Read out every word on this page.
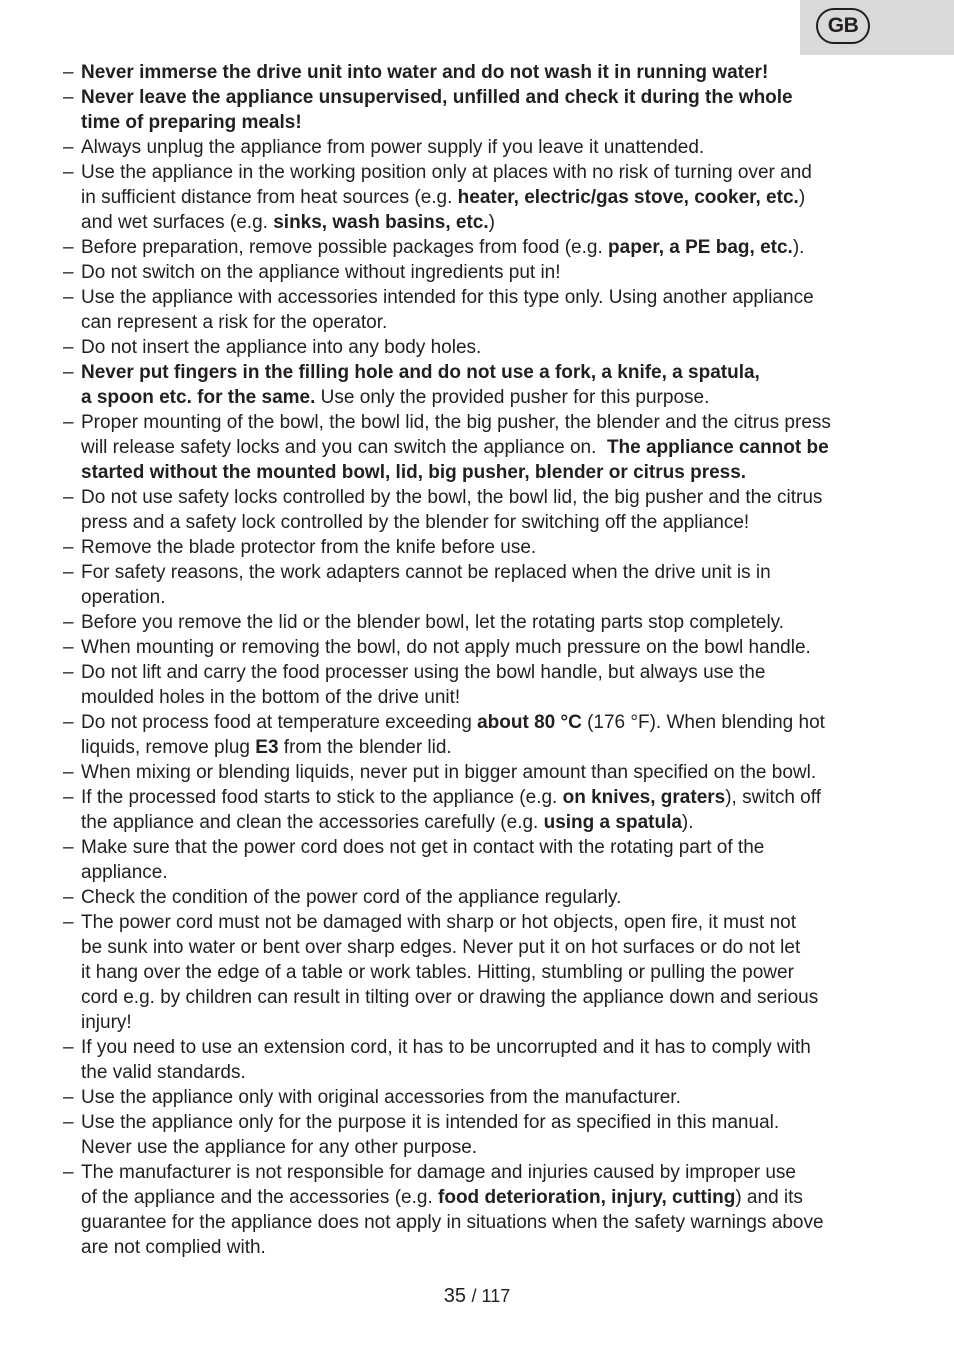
GB
– Never immerse the drive unit into water and do not wash it in running water!
– Never leave the appliance unsupervised, unfilled and check it during the whole
time of preparing meals!
– Always unplug the appliance from power supply if you leave it unattended.
– Use the appliance in the working position only at places with no risk of turning over and
in sufficient distance from heat sources (e.g. heater, electric/gas stove, cooker, etc.)
and wet surfaces (e.g. sinks, wash basins, etc.)
– Before preparation, remove possible packages from food (e.g. paper, a PE bag, etc.).
– Do not switch on the appliance without ingredients put in!
– Use the appliance with accessories intended for this type only. Using another appliance
can represent a risk for the operator.
– Do not insert the appliance into any body holes.
– Never put fingers in the filling hole and do not use a fork, a knife, a spatula,
a spoon etc. for the same. Use only the provided pusher for this purpose.
– Proper mounting of the bowl, the bowl lid, the big pusher, the blender and the citrus press
will release safety locks and you can switch the appliance on.  The appliance cannot be
started without the mounted bowl, lid, big pusher, blender or citrus press.
– Do not use safety locks controlled by the bowl, the bowl lid, the big pusher and the citrus
press and a safety lock controlled by the blender for switching off the appliance!
– Remove the blade protector from the knife before use.
– For safety reasons, the work adapters cannot be replaced when the drive unit is in
operation.
– Before you remove the lid or the blender bowl, let the rotating parts stop completely.
– When mounting or removing the bowl, do not apply much pressure on the bowl handle.
– Do not lift and carry the food processer using the bowl handle, but always use the
moulded holes in the bottom of the drive unit!
– Do not process food at temperature exceeding about 80 °C (176 °F). When blending hot
liquids, remove plug E3 from the blender lid.
– When mixing or blending liquids, never put in bigger amount than specified on the bowl.
– If the processed food starts to stick to the appliance (e.g. on knives, graters), switch off
the appliance and clean the accessories carefully (e.g. using a spatula).
– Make sure that the power cord does not get in contact with the rotating part of the
appliance.
– Check the condition of the power cord of the appliance regularly.
– The power cord must not be damaged with sharp or hot objects, open fire, it must not
be sunk into water or bent over sharp edges. Never put it on hot surfaces or do not let
it hang over the edge of a table or work tables. Hitting, stumbling or pulling the power
cord e.g. by children can result in tilting over or drawing the appliance down and serious
injury!
– If you need to use an extension cord, it has to be uncorrupted and it has to comply with
the valid standards.
– Use the appliance only with original accessories from the manufacturer.
– Use the appliance only for the purpose it is intended for as specified in this manual.
Never use the appliance for any other purpose.
– The manufacturer is not responsible for damage and injuries caused by improper use
of the appliance and the accessories (e.g. food deterioration, injury, cutting) and its
guarantee for the appliance does not apply in situations when the safety warnings above
are not complied with.
35 / 117
